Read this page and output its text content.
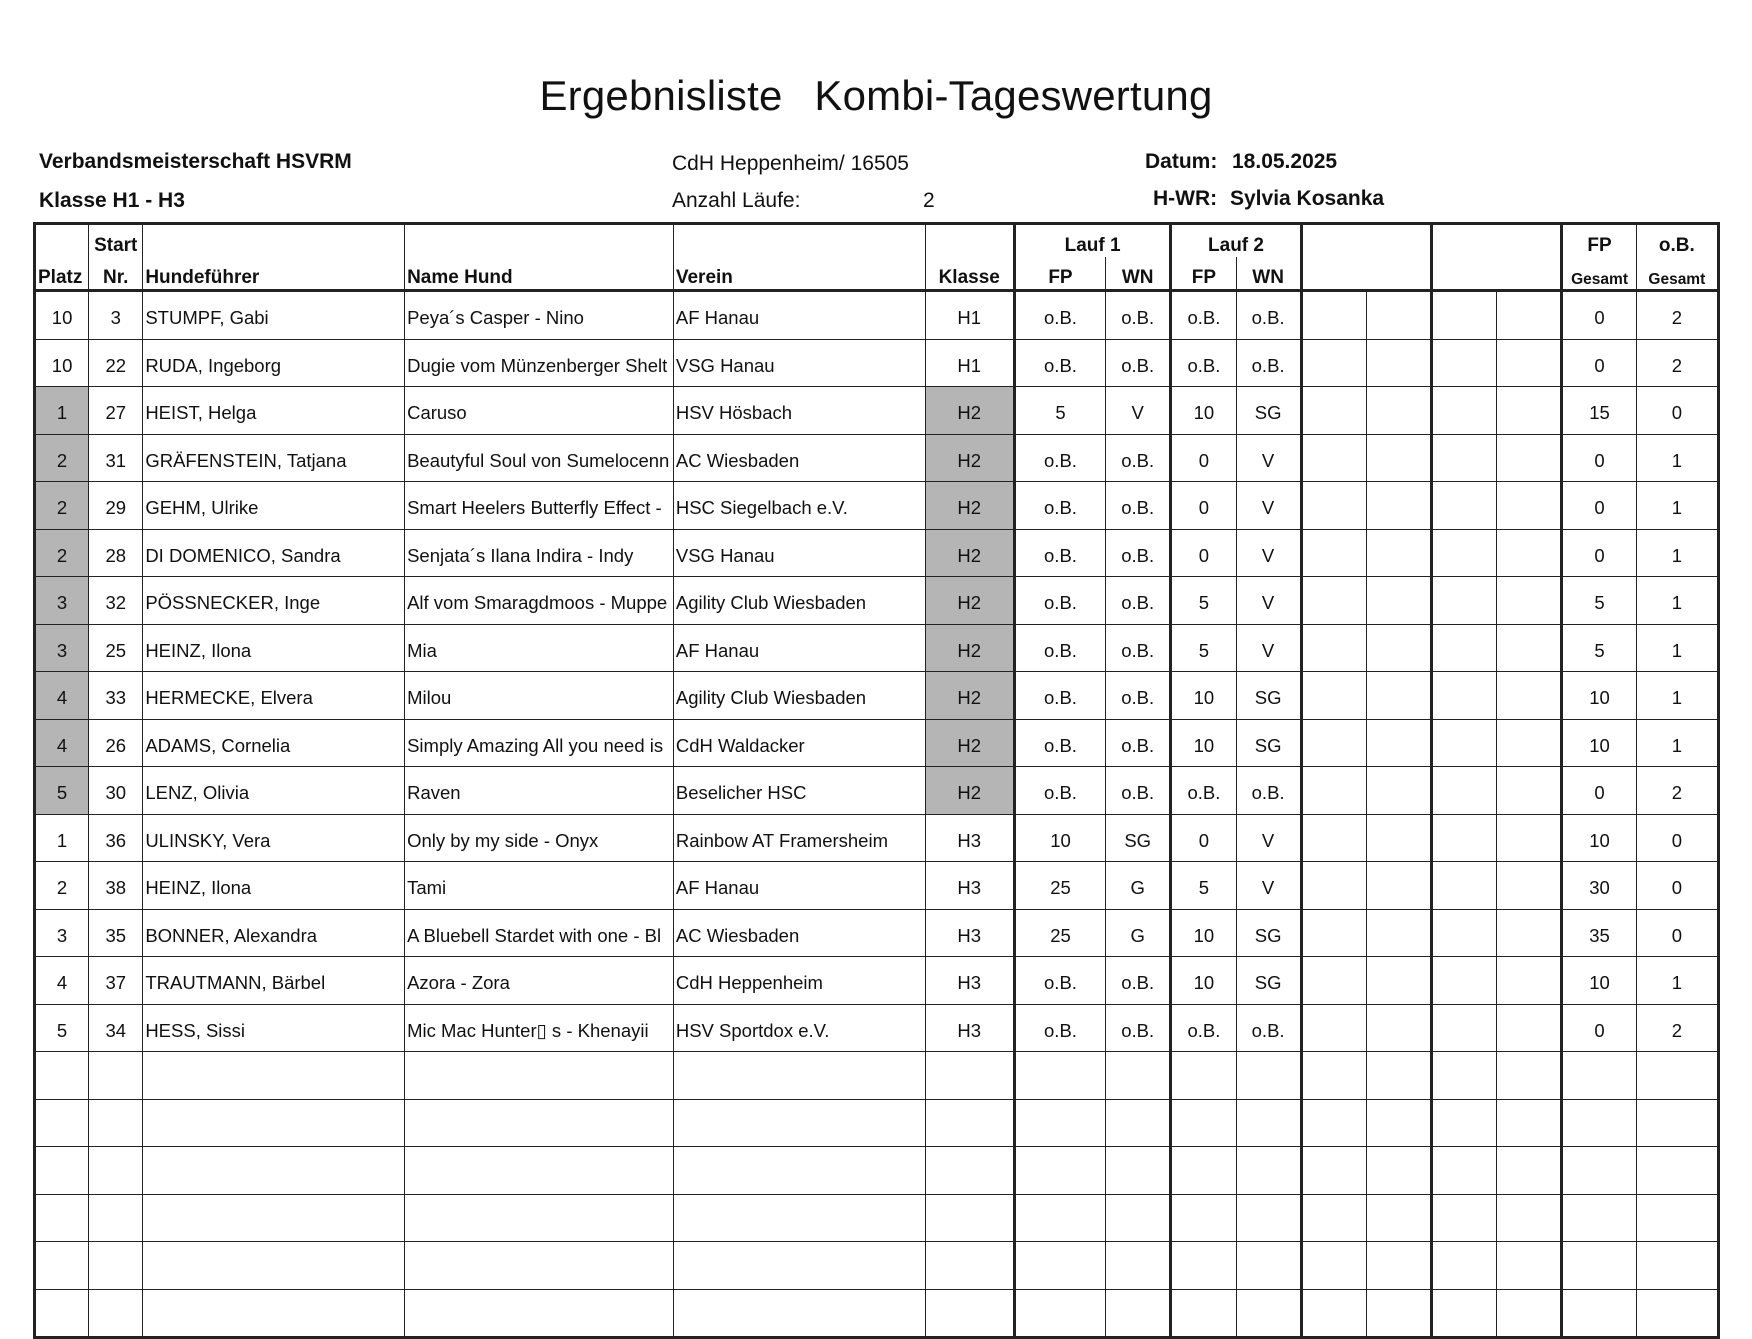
Ergebnisliste Kombi-Tageswertung
Verbandsmeisterschaft HSVRM
Klasse H1 - H3
CdH Heppenheim/ 16505
Anzahl Läufe:	2
Datum: 18.05.2025
H-WR: Sylvia Kosanka
	Start					Lauf 1		Lauf 2						FP	o.B.
Platz	Nr.	Hundeführer	Name Hund	Verein	Klasse	FP	WN	FP	WN					Gesamt	Gesamt
10	3	STUMPF, Gabi	Peya´s Casper - Nino	AF Hanau	H1	o.B.	o.B.	o.B.	o.B.					0	2
10	22	RUDA, Ingeborg	Dugie vom Münzenberger Shelt	VSG Hanau	H1	o.B.	o.B.	o.B.	o.B.					0	2
1	27	HEIST, Helga	Caruso	HSV Hösbach	H2	5	V	10	SG					15	0
2	31	GRÄFENSTEIN, Tatjana	Beautyful Soul von Sumelocenn	AC Wiesbaden	H2	o.B.	o.B.	0	V					0	1
2	29	GEHM, Ulrike	Smart Heelers Butterfly Effect -	HSC Siegelbach e.V.	H2	o.B.	o.B.	0	V					0	1
2	28	DI DOMENICO, Sandra	Senjata´s Ilana Indira - Indy	VSG Hanau	H2	o.B.	o.B.	0	V					0	1
3	32	PÖSSNECKER, Inge	Alf vom Smaragdmoos - Muppe	Agility Club Wiesbaden	H2	o.B.	o.B.	5	V					5	1
3	25	HEINZ, Ilona	Mia	AF Hanau	H2	o.B.	o.B.	5	V					5	1
4	33	HERMECKE, Elvera	Milou	Agility Club Wiesbaden	H2	o.B.	o.B.	10	SG					10	1
4	26	ADAMS, Cornelia	Simply Amazing All you need is	CdH Waldacker	H2	o.B.	o.B.	10	SG					10	1
5	30	LENZ, Olivia	Raven	Beselicher HSC	H2	o.B.	o.B.	o.B.	o.B.					0	2
1	36	ULINSKY, Vera	Only by my side - Onyx	Rainbow AT Framersheim	H3	10	SG	0	V					10	0
2	38	HEINZ, Ilona	Tami	AF Hanau	H3	25	G	5	V					30	0
3	35	BONNER, Alexandra	A Bluebell Stardet with one - Bl	AC Wiesbaden	H3	25	G	10	SG					35	0
4	37	TRAUTMANN, Bärbel	Azora - Zora	CdH Heppenheim	H3	o.B.	o.B.	10	SG					10	1
5	34	HESS, Sissi	Mic Mac Hunter▯ s - Khenayii	HSV Sportdox e.V.	H3	o.B.	o.B.	o.B.	o.B.					0	2
